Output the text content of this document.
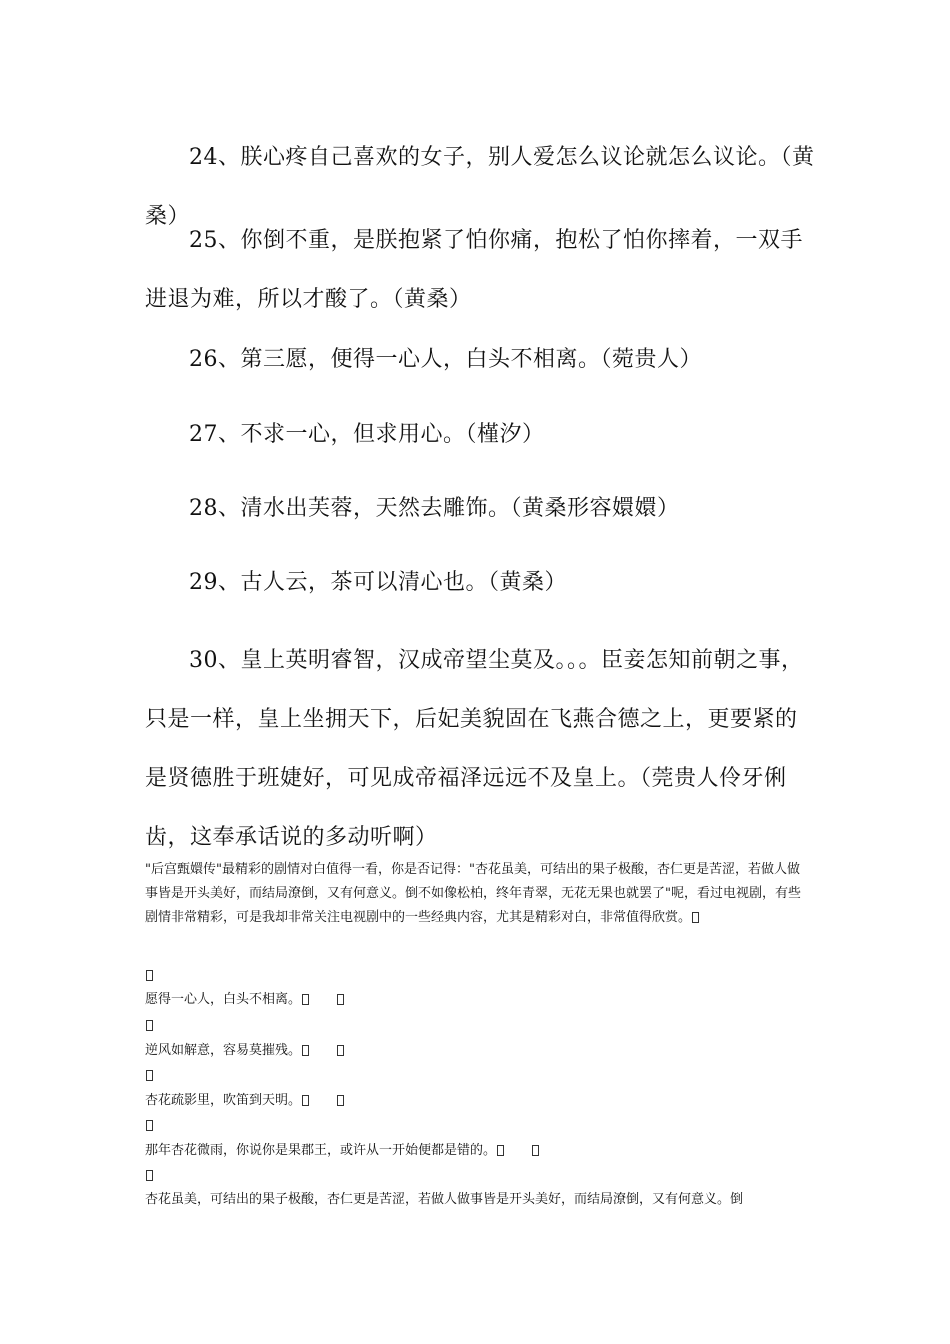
24、朕心疼自己喜欢的女子，别人爱怎么议论就怎么议论。（黄桑）
25、你倒不重，是朕抱紧了怕你痛，抱松了怕你摔着，一双手进退为难，所以才酸了。（黄桑）
26、第三愿，便得一心人，白头不相离。（菀贵人）
27、不求一心，但求用心。（槿汐）
28、清水出芙蓉，天然去雕饰。（黄桑形容嬛嬛）
29、古人云，茶可以清心也。（黄桑）
30、皇上英明睿智，汉成帝望尘莫及。。。臣妾怎知前朝之事，只是一样，皇上坐拥天下，后妃美貌固在飞燕合德之上，更要紧的是贤德胜于班婕好，可见成帝福泽远远不及皇上。（莞贵人伶牙俐齿，这奉承话说的多动听啊）
"后宫甄嬛传"最精彩的剧情对白值得一看，你是否记得："杏花虽美，可结出的果子极酸，杏仁更是苦涩，若做人做事皆是开头美好，而结局潦倒，又有何意义。倒不如像松柏，终年青翠，无花无果也就罢了"呢，看过电视剧，有些剧情非常精彩，可是我却非常关注电视剧中的一些经典内容，尤其是精彩对白，非常值得欣赏。
愿得一心人，白头不相离。
逆风如解意，容易莫摧残。
杏花疏影里，吹笛到天明。
那年杏花微雨，你说你是果郡王，或许从一开始便都是错的。
杏花虽美，可结出的果子极酸，杏仁更是苦涩，若做人做事皆是开头美好，而结局潦倒，又有何意义。倒
